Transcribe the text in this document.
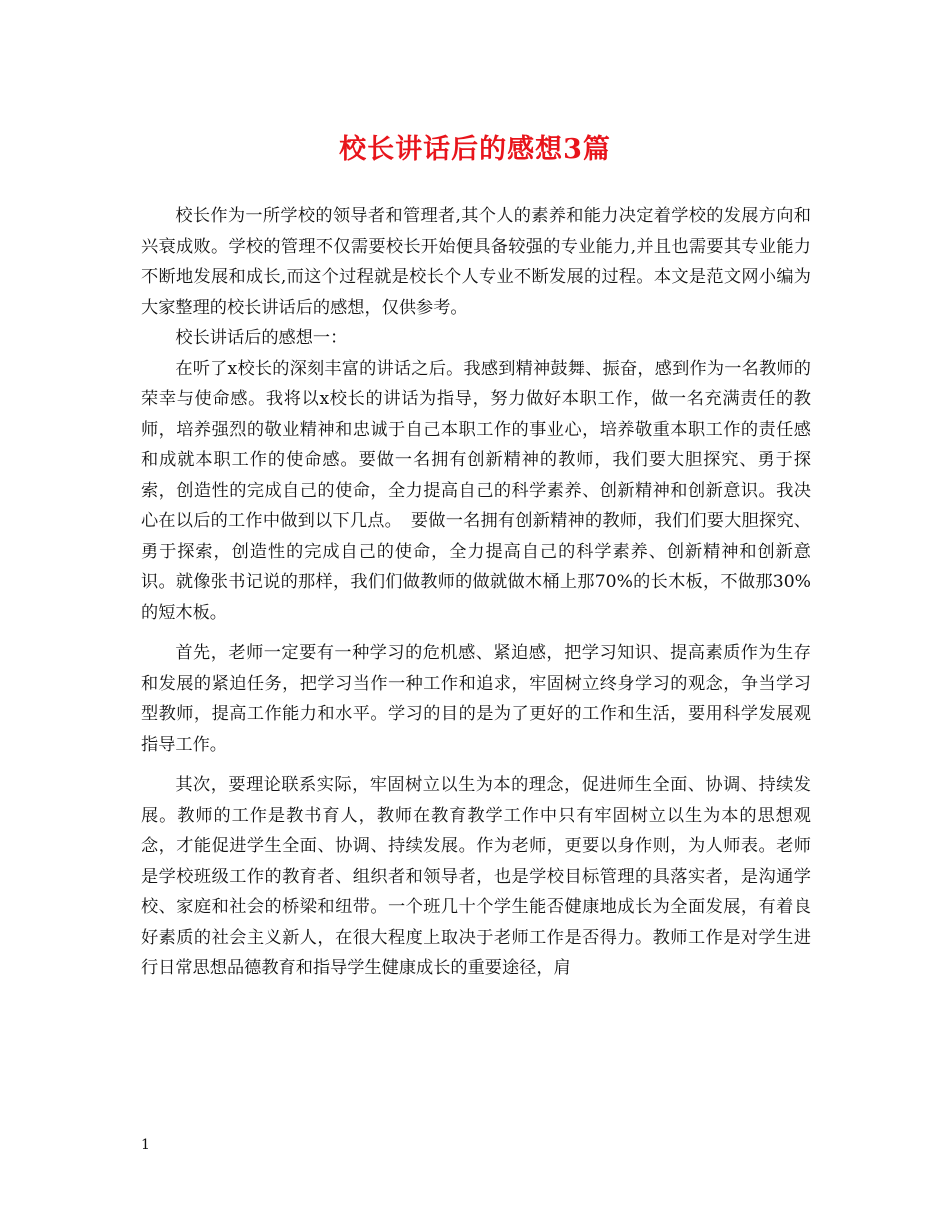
校长讲话后的感想3篇

校长作为一所学校的领导者和管理者,其个人的素养和能力决定着学校的发展方向和兴衰成败。学校的管理不仅需要校长开始便具备较强的专业能力,并且也需要其专业能力不断地发展和成长,而这个过程就是校长个人专业不断发展的过程。本文是范文网小编为大家整理的校长讲话后的感想，仅供参考。

校长讲话后的感想一：

在听了x校长的深刻丰富的讲话之后。我感到精神鼓舞、振奋，感到作为一名教师的荣幸与使命感。我将以x校长的讲话为指导，努力做好本职工作，做一名充满责任的教师，培养强烈的敬业精神和忠诚于自己本职工作的事业心，培养敬重本职工作的责任感和成就本职工作的使命感。要做一名拥有创新精神的教师，我们要大胆探究、勇于探索，创造性的完成自己的使命，全力提高自己的科学素养、创新精神和创新意识。我决心在以后的工作中做到以下几点。　要做一名拥有创新精神的教师，我们们要大胆探究、勇于探索，创造性的完成自己的使命，全力提高自己的科学素养、创新精神和创新意识。就像张书记说的那样，我们们做教师的做就做木桶上那70%的长木板，不做那30%的短木板。

首先，老师一定要有一种学习的危机感、紧迫感，把学习知识、提高素质作为生存和发展的紧迫任务，把学习当作一种工作和追求，牢固树立终身学习的观念，争当学习型教师，提高工作能力和水平。学习的目的是为了更好的工作和生活，要用科学发展观指导工作。

其次，要理论联系实际，牢固树立以生为本的理念，促进师生全面、协调、持续发展。教师的工作是教书育人，教师在教育教学工作中只有牢固树立以生为本的思想观念，才能促进学生全面、协调、持续发展。作为老师，更要以身作则，为人师表。老师是学校班级工作的教育者、组织者和领导者，也是学校目标管理的具落实者，是沟通学校、家庭和社会的桥梁和纽带。一个班几十个学生能否健康地成长为全面发展，有着良好素质的社会主义新人，在很大程度上取决于老师工作是否得力。教师工作是对学生进行日常思想品德教育和指导学生健康成长的重要途径，肩

1
